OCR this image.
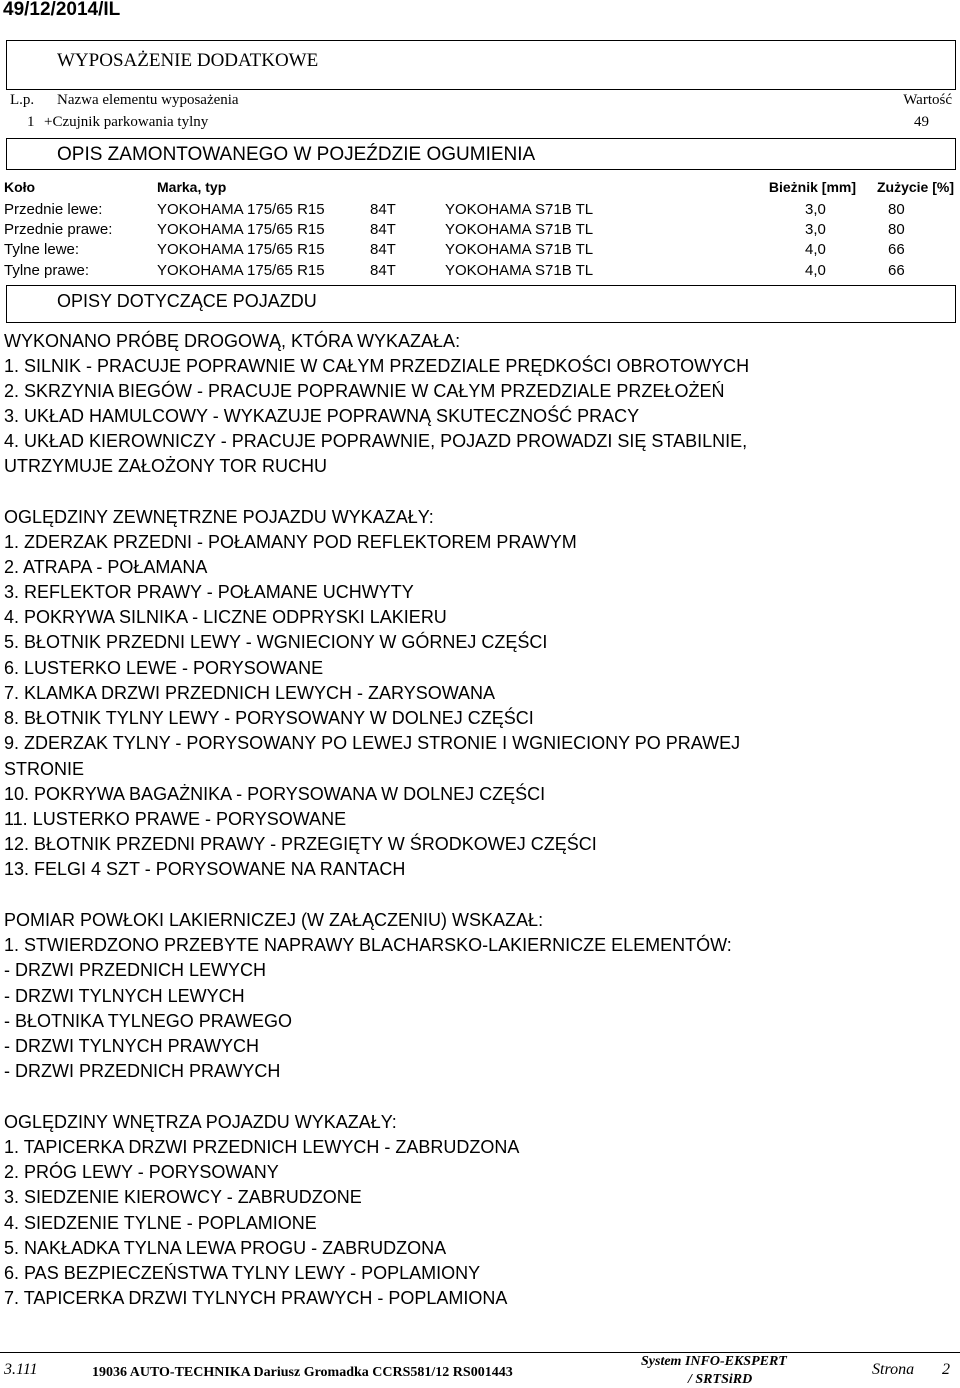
49/12/2014/IL
WYPOSAŻENIE DODATKOWE
L.p. Nazwa elementu wyposażenia	Wartość
1 +Czujnik parkowania tylny	49
OPIS ZAMONTOWANEGO W POJEŹDZIE OGUMIENIA
Koło	Marka, typ	Bieżnik [mm] Zużycie [%]
Przednie lewe:	YOKOHAMA 175/65 R15	84T	YOKOHAMA S71B TL	3,0	80
Przednie prawe:	YOKOHAMA 175/65 R15	84T	YOKOHAMA S71B TL	3,0	80
Tylne lewe:	YOKOHAMA 175/65 R15	84T	YOKOHAMA S71B TL	4,0	66
Tylne prawe:	YOKOHAMA 175/65 R15	84T	YOKOHAMA S71B TL	4,0	66
OPISY DOTYCZĄCE POJAZDU
WYKONANO PRÓBĘ DROGOWĄ, KTÓRA WYKAZAŁA:
1. SILNIK - PRACUJE POPRAWNIE W CAŁYM PRZEDZIALE PRĘDKOŚCI OBROTOWYCH
2. SKRZYNIA BIEGÓW - PRACUJE POPRAWNIE W CAŁYM PRZEDZIALE PRZEŁOŻEŃ
3. UKŁAD HAMULCOWY - WYKAZUJE POPRAWNĄ SKUTECZNOŚĆ PRACY
4. UKŁAD KIEROWNICZY - PRACUJE POPRAWNIE, POJAZD PROWADZI SIĘ STABILNIE,
UTRZYMUJE ZAŁOŻONY TOR RUCHU
OGLĘDZINY ZEWNĘTRZNE POJAZDU WYKAZAŁY:
1. ZDERZAK PRZEDNI - POŁAMANY POD REFLEKTOREM PRAWYM
2. ATRAPA - POŁAMANA
3. REFLEKTOR PRAWY - POŁAMANE UCHWYTY
4. POKRYWA SILNIKA - LICZNE ODPRYSKI LAKIERU
5. BŁOTNIK PRZEDNI LEWY - WGNIECIONY W GÓRNEJ CZĘŚCI
6. LUSTERKO LEWE - PORYSOWANE
7. KLAMKA DRZWI PRZEDNICH LEWYCH - ZARYSOWANA
8. BŁOTNIK TYLNY LEWY - PORYSOWANY W DOLNEJ CZĘŚCI
9. ZDERZAK TYLNY - PORYSOWANY PO LEWEJ STRONIE I WGNIECIONY PO PRAWEJ
STRONIE
10. POKRYWA BAGAŻNIKA - PORYSOWANA W DOLNEJ CZĘŚCI
11. LUSTERKO PRAWE - PORYSOWANE
12. BŁOTNIK PRZEDNI PRAWY - PRZEGIĘTY W ŚRODKOWEJ CZĘŚCI
13. FELGI 4 SZT - PORYSOWANE NA RANTACH
POMIAR POWŁOKI LAKIERNICZEJ (W ZAŁĄCZENIU) WSKAZAŁ:
1. STWIERDZONO PRZEBYTE NAPRAWY BLACHARSKO-LAKIERNICZE ELEMENTÓW:
- DRZWI PRZEDNICH LEWYCH
- DRZWI TYLNYCH LEWYCH
- BŁOTNIKA TYLNEGO PRAWEGO
- DRZWI TYLNYCH PRAWYCH
- DRZWI PRZEDNICH PRAWYCH
OGLĘDZINY WNĘTRZA POJAZDU WYKAZAŁY:
1. TAPICERKA DRZWI PRZEDNICH LEWYCH - ZABRUDZONA
2. PRÓG LEWY - PORYSOWANY
3. SIEDZENIE KIEROWCY - ZABRUDZONE
4. SIEDZENIE TYLNE - POPLAMIONE
5. NAKŁADKA TYLNA LEWA PROGU - ZABRUDZONA
6. PAS BEZPIECZEŃSTWA TYLNY LEWY - POPLAMIONY
7. TAPICERKA DRZWI TYLNYCH PRAWYCH - POPLAMIONA
3.111	19036 AUTO-TECHNIKA Dariusz Gromadka CCRS581/12 RS001443
System INFO-EKSPERT
/ SRTSiRD
Strona 2
